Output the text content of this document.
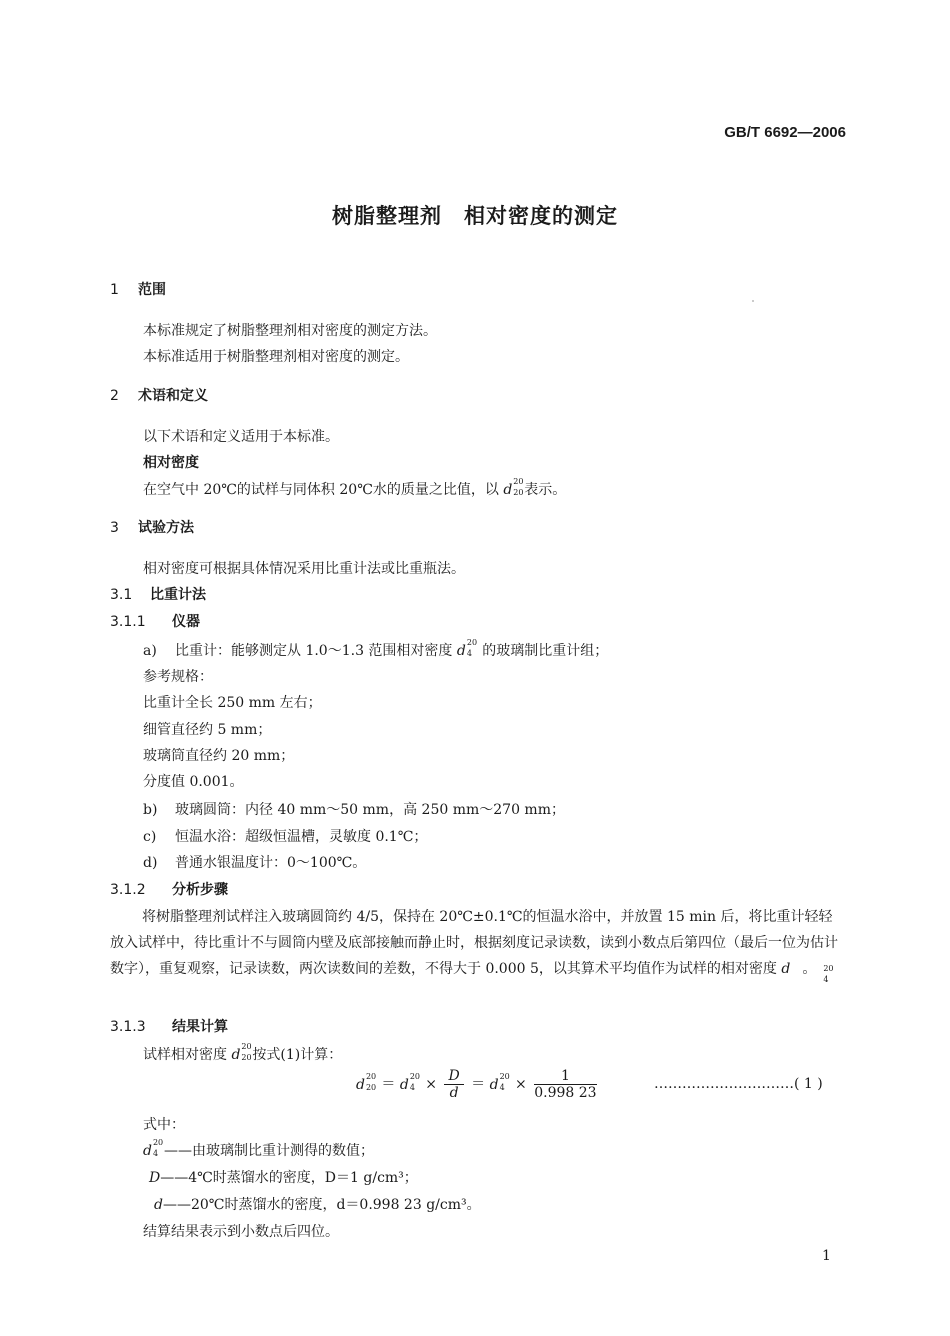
GB/T 6692—2006
树脂整理剂　相对密度的测定
1 范围
本标准规定了树脂整理剂相对密度的测定方法。
本标准适用于树脂整理剂相对密度的测定。
2 术语和定义
以下术语和定义适用于本标准。
相对密度
在空气中 20℃的试样与同体积 20℃水的质量之比值，以 d
20
20 表示。
3 试验方法
相对密度可根据具体情况采用比重计法或比重瓶法。
3.1 比重计法
3.1.1 仪器
a) 比重计：能够测定从 1.0～1.3 范围相对密度 d
20
4 的玻璃制比重计组；
参考规格：
比重计全长 250 mm 左右；
细管直径约 5 mm；
玻璃筒直径约 20 mm；
分度值 0.001。
b) 玻璃圆筒：内径 40 mm～50 mm，高 250 mm～270 mm；
c) 恒温水浴：超级恒温槽，灵敏度 0.1℃；
d) 普通水银温度计：0～100℃。
3.1.2 分析步骤
将树脂整理剂试样注入玻璃圆筒约 4/5，保持在 20℃±0.1℃的恒温水浴中，并放置 15 min 后，将比重计轻轻放入试样中，待比重计不与圆筒内壁及底部接触而静止时，根据刻度记录读数，读到小数点后第四位（最后一位为估计数字），重复观察，记录读数，两次读数间的差数，不得大于 0.000 5，以其算术平均值作为试样的相对密度 d	20
4
。
3.1.3 结果计算
试样相对密度 d
20
20 按式(1)计算：
d
20
20 ＝ d
20
$4 \times \frac{D}{d} = d$
20
$4 \times \frac{1}{0.998 23}$	…………………………( 1 )
式中：
d
20
4 ——由玻璃制比重计测得的数值；
D——4℃时蒸馏水的密度，D＝1 g/cm³；
d——20℃时蒸馏水的密度，d＝0.998 23 g/cm³。
结算结果表示到小数点后四位。
1
